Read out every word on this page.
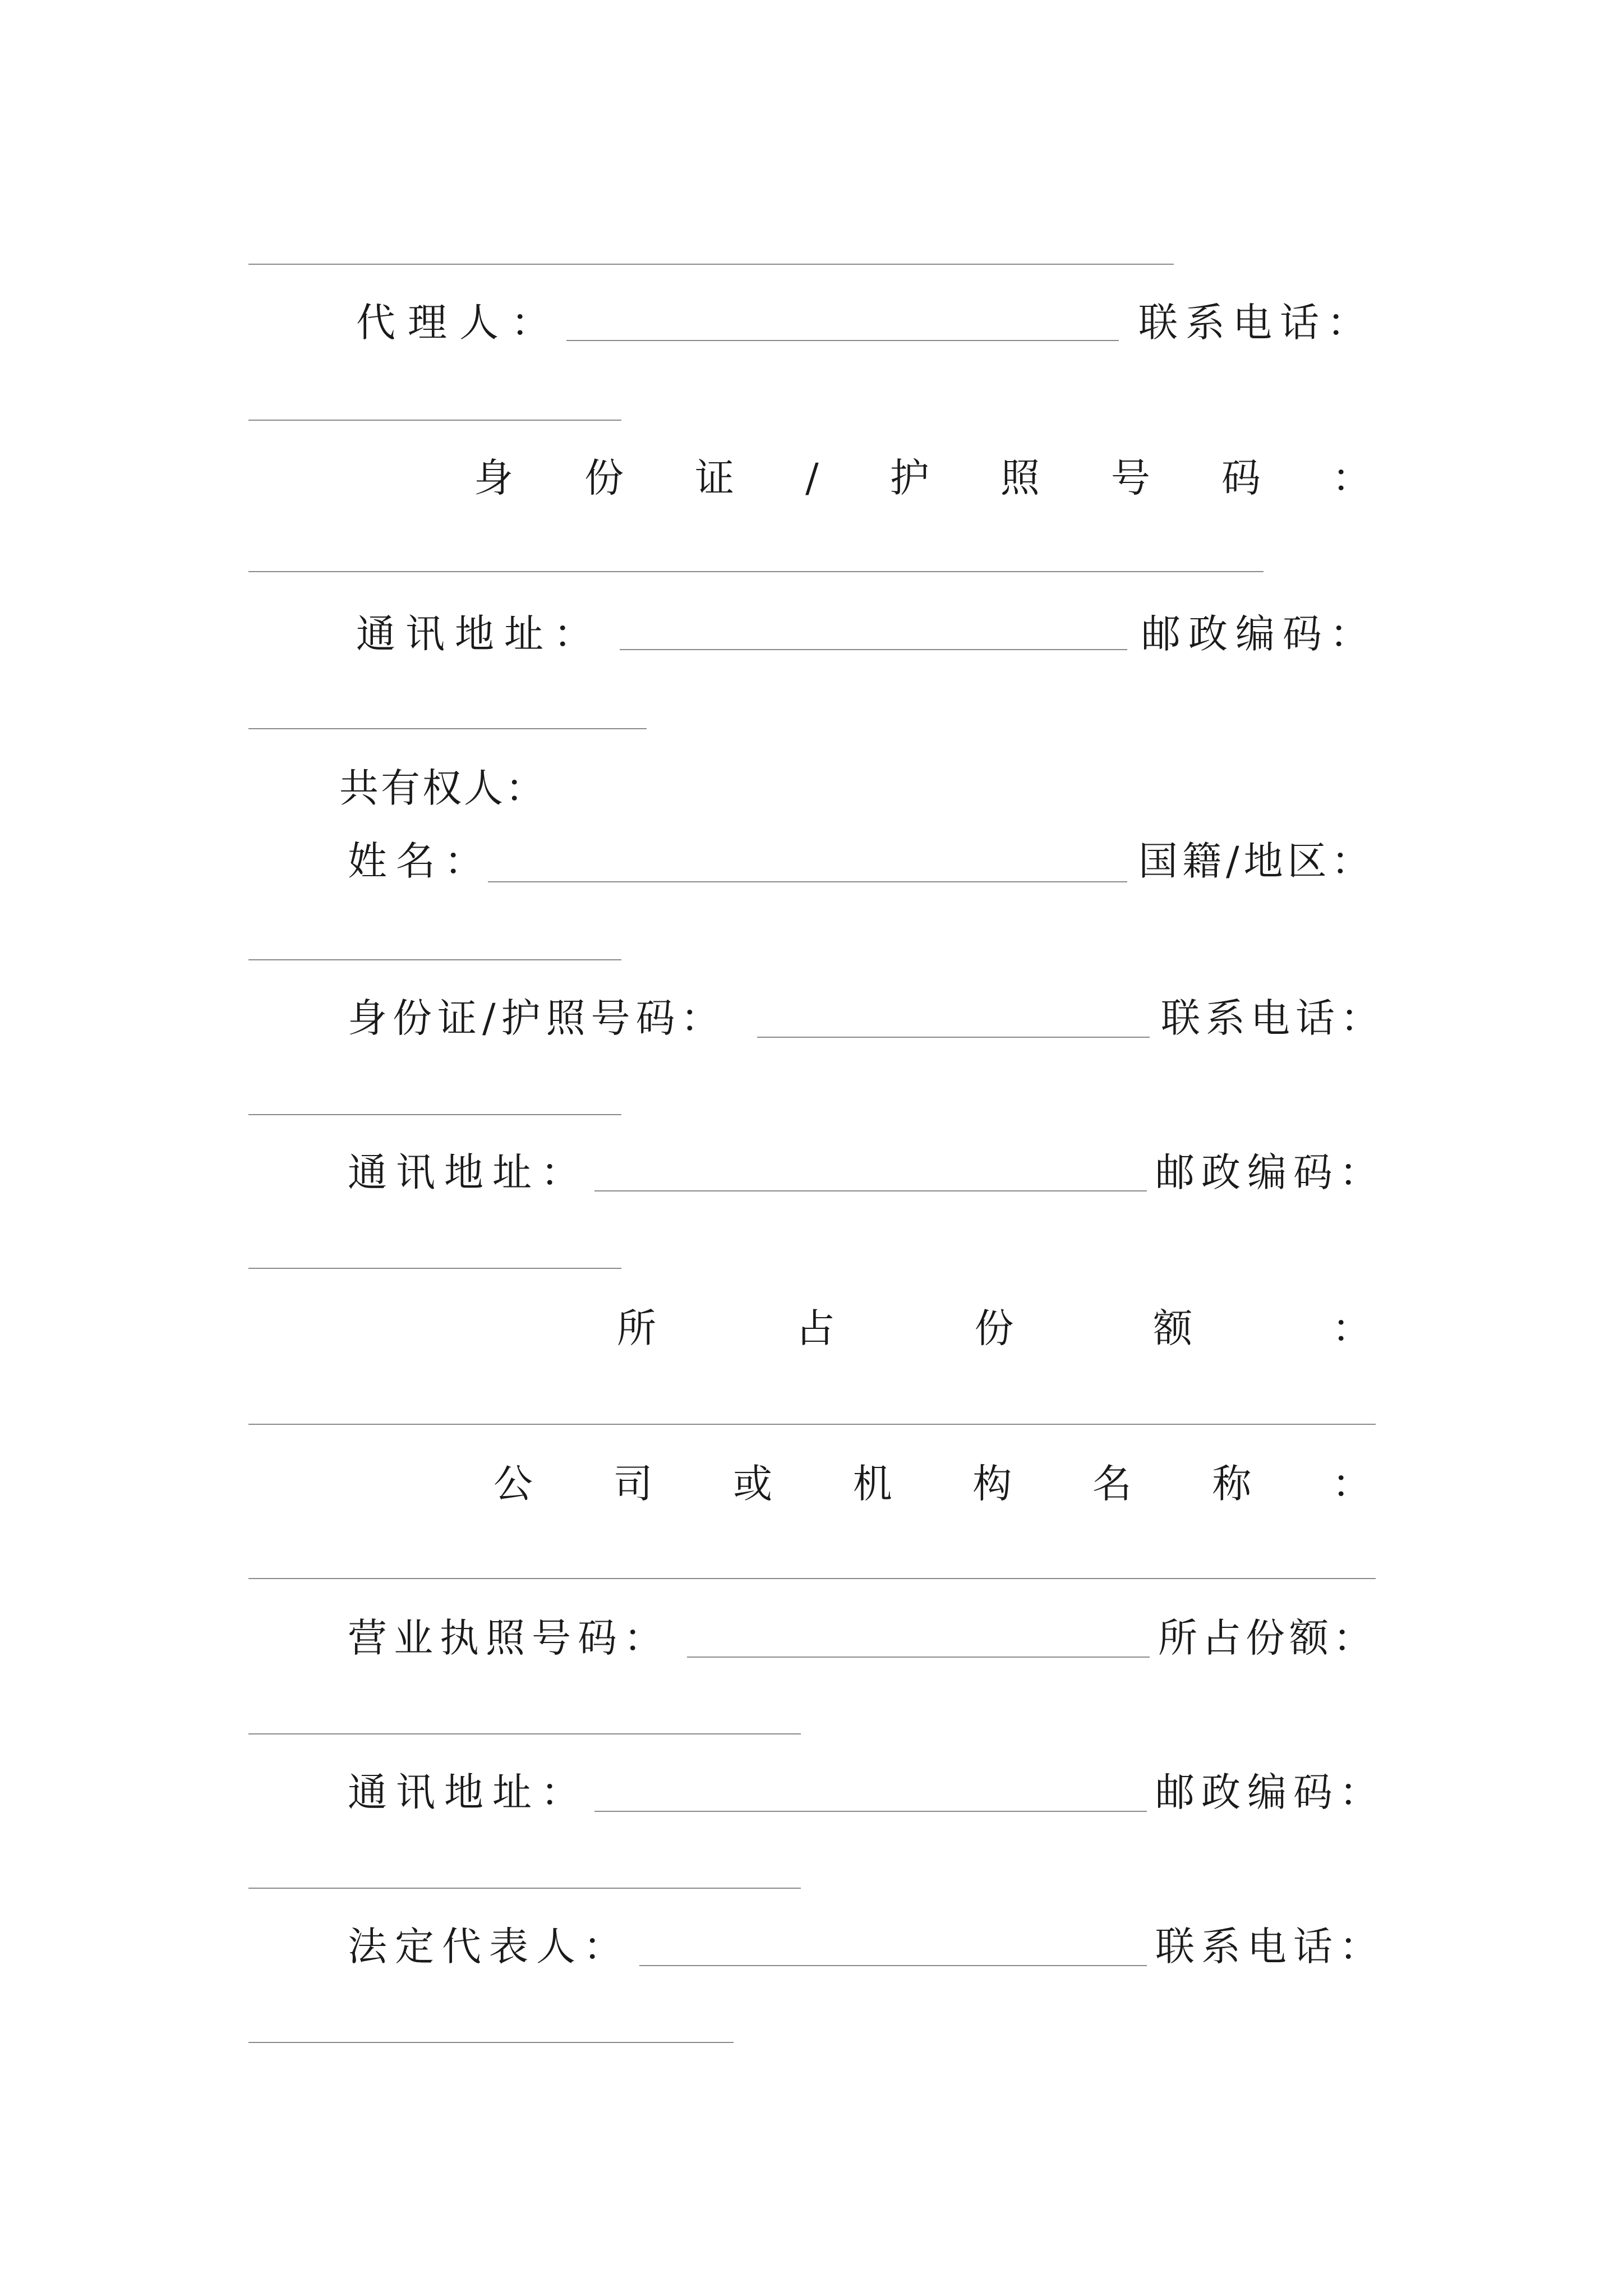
代理人：	联系电话：
身 份 证 / 护 照 号 码 ：
通讯地址：	邮政编码：
共有权人：
姓名：	国籍/地区：
身份证/护照号码：	联系电话：
通讯地址：	邮政编码：
所	占	份	额	：
公 司 或 机 构 名 称 ：
营业执照号码：	所占份额：
通讯地址：	邮政编码：
法定代表人：	联系电话：
